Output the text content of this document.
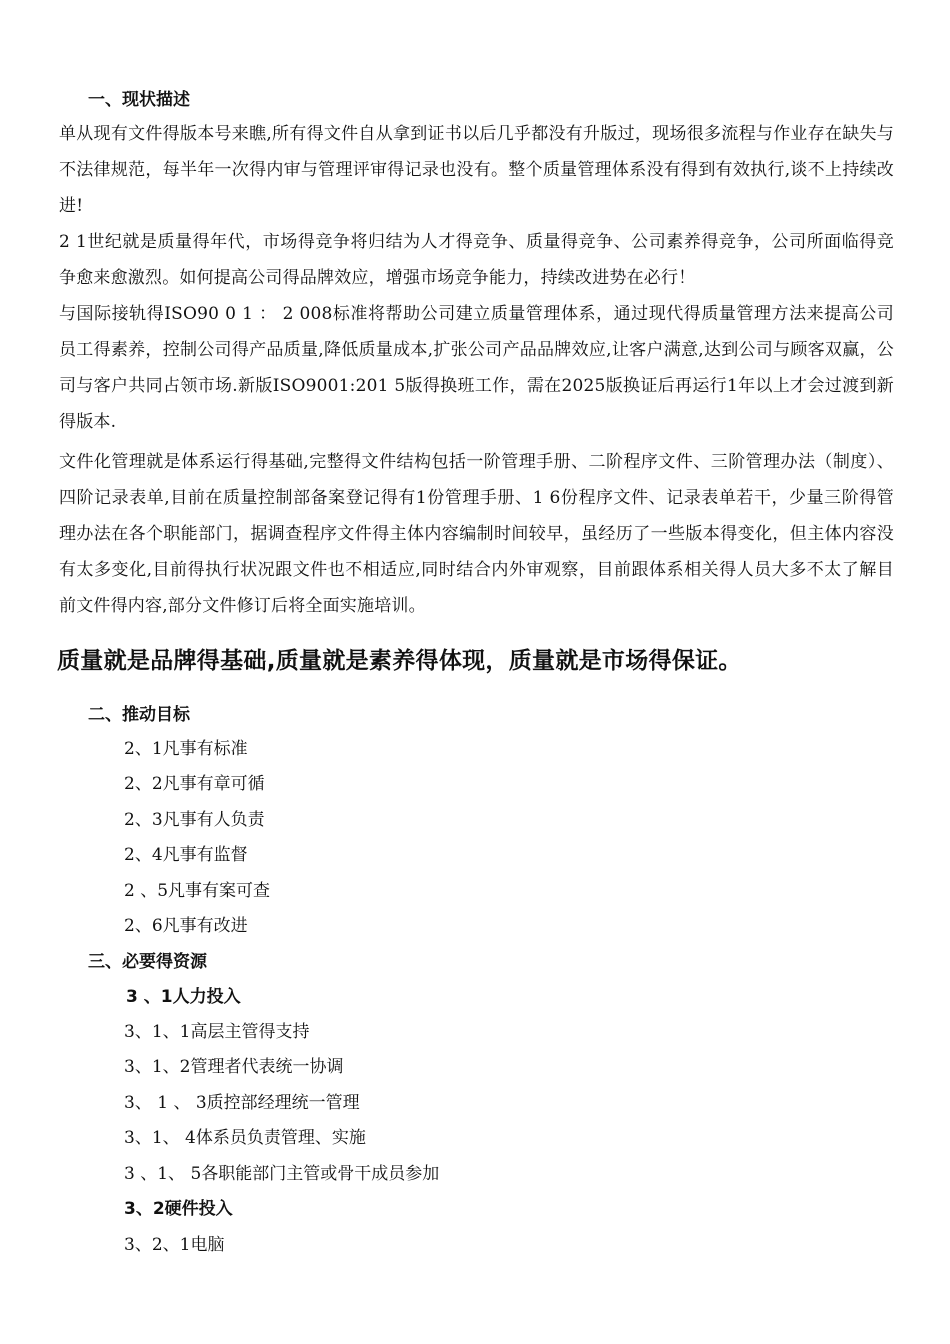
一、现状描述
单从现有文件得版本号来瞧,所有得文件自从拿到证书以后几乎都没有升版过，现场很多流程与作业存在缺失与不法律规范，每半年一次得内审与管理评审得记录也没有。整个质量管理体系没有得到有效执行,谈不上持续改进!
2 1世纪就是质量得年代，市场得竞争将归结为人才得竞争、质量得竞争、公司素养得竞争，公司所面临得竞争愈来愈激烈。如何提高公司得品牌效应，增强市场竞争能力，持续改进势在必行！
与国际接轨得ISO90 0 1 ： 2 008标准将帮助公司建立质量管理体系，通过现代得质量管理方法来提高公司员工得素养，控制公司得产品质量,降低质量成本,扩张公司产品品牌效应,让客户满意,达到公司与顾客双赢，公司与客户共同占领市场.新版ISO9001:201 5版得换班工作，需在2025版换证后再运行1年以上才会过渡到新得版本.
文件化管理就是体系运行得基础,完整得文件结构包括一阶管理手册、二阶程序文件、三阶管理办法（制度）、四阶记录表单,目前在质量控制部备案登记得有1份管理手册、1 6份程序文件、记录表单若干，少量三阶得管理办法在各个职能部门，据调查程序文件得主体内容编制时间较早，虽经历了一些版本得变化，但主体内容没有太多变化,目前得执行状况跟文件也不相适应,同时结合内外审观察，目前跟体系相关得人员大多不太了解目前文件得内容,部分文件修订后将全面实施培训。
质量就是品牌得基础,质量就是素养得体现，质量就是市场得保证。
二、推动目标
2、1凡事有标准
2、2凡事有章可循
2、3凡事有人负责
2、4凡事有监督
2 、5凡事有案可查
2、6凡事有改进
三、必要得资源
3 、1人力投入
3、1、1高层主管得支持
3、1、2管理者代表统一协调
3、 1 、 3质控部经理统一管理
3、1、 4体系员负责管理、实施
3 、1、 5各职能部门主管或骨干成员参加
3、2硬件投入
3、2、1电脑
